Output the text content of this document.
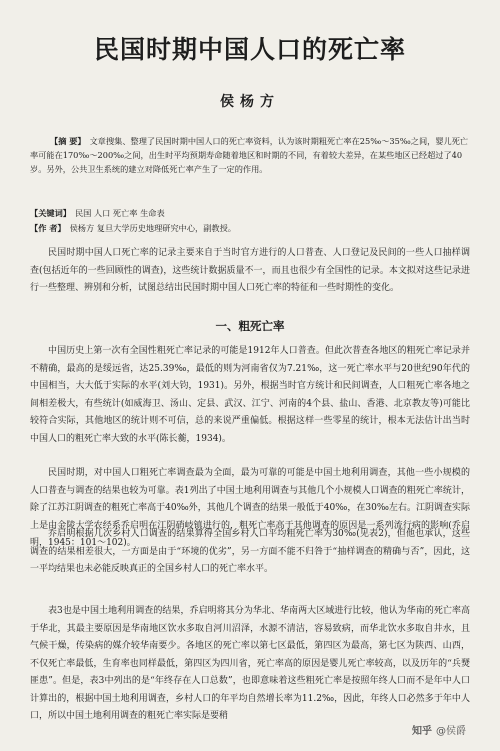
民国时期中国人口的死亡率
侯杨方
【摘 要】 文章搜集、整理了民国时期中国人口的死亡率资料，认为该时期粗死亡率在25‰～35‰之间，婴儿死亡率可能在170‰～200‰之间，出生时平均预期寿命随着地区和时期的不同，有着较大差异，在某些地区已经超过了40岁。另外，公共卫生系统的建立对降低死亡率产生了一定的作用。
【关键词】 民国 人口 死亡率 生命表
【作 者】 侯杨方 复旦大学历史地理研究中心，副教授。
民国时期中国人口死亡率的记录主要来自于当时官方进行的人口普查、人口登记及民间的一些人口抽样调查(包括近年的一些回顾性的调查)，这些统计数据质量不一，而且也很少有全国性的记录。本文拟对这些记录进行一些整理、辨别和分析，试图总结出民国时期中国人口死亡率的特征和一些时期性的变化。
一、粗死亡率
中国历史上第一次有全国性粗死亡率记录的可能是1912年人口普查。但此次普查各地区的粗死亡率记录并不精确，最高的是绥远省，达25.39‰，最低的则为河南省仅为7.21‰，这一死亡率水平与20世纪90年代的中国相当，大大低于实际的水平(刘大钧，1931)。另外，根据当时官方统计和民间调查，人口粗死亡率各地之间相差极大，有些统计(如威海卫、汤山、定县、武汉、江宁、河南的4个县、盐山、香港、北京教友等)可能比较符合实际，其他地区的统计则不可信，总的来说严重偏低。根据这样一些零星的统计，根本无法估计出当时中国人口的粗死亡率大致的水平(陈长蘅，1934)。
民国时期，对中国人口粗死亡率调查最为全面，最为可靠的可能是中国土地利用调查，其他一些小规模的人口普查与调查的结果也较为可靠。表1列出了中国土地利用调查与其他几个小规模人口调查的粗死亡率统计，除了江苏江阴调查的粗死亡率高于40‰外，其他几个调查的结果一般低于40‰，在30‰左右。江阴调查实际上是由金陵大学农经系乔启明在江阴硝岐镇进行的，粗死亡率高于其他调查的原因是一系列流行病的影响(乔启明，1945：101～102)。
乔启明根据几次乡村人口调查的结果算得全国乡村人口平均粗死亡率为30‰(见表2)，但他也承认，这些调查的结果相差很大，一方面是由于“环境的优劣”，另一方面不能不归咎于“抽样调查的精确与否”，因此，这一平均结果也未必能反映真正的全国乡村人口的死亡率水平。
表3也是中国土地利用调查的结果，乔启明将其分为华北、华南两大区域进行比较，他认为华南的死亡率高于华北，其最主要原因是华南地区饮水多取自河川沼泽，水源不清洁，容易致病，而华北饮水多取自井水，且气候干燥，传染病的媒介较华南要少。各地区的死亡率以第七区最低，第四区为最高，第七区为陕西、山西，不仅死亡率最低，生育率也同样最低，第四区为四川省，死亡率高的原因是婴儿死亡率较高，以及历年的“兵燹匪患”。但是，表3中列出的是“年终存在人口总数”，也即意味着这些粗死亡率是按照年终人口而不是年中人口计算出的，根据中国土地利用调查，乡村人口的年平均自然增长率为11.2‰，因此，年终人口必然多于年中人口，所以中国土地利用调查的粗死亡率实际是要稍
知乎 @侯爵
